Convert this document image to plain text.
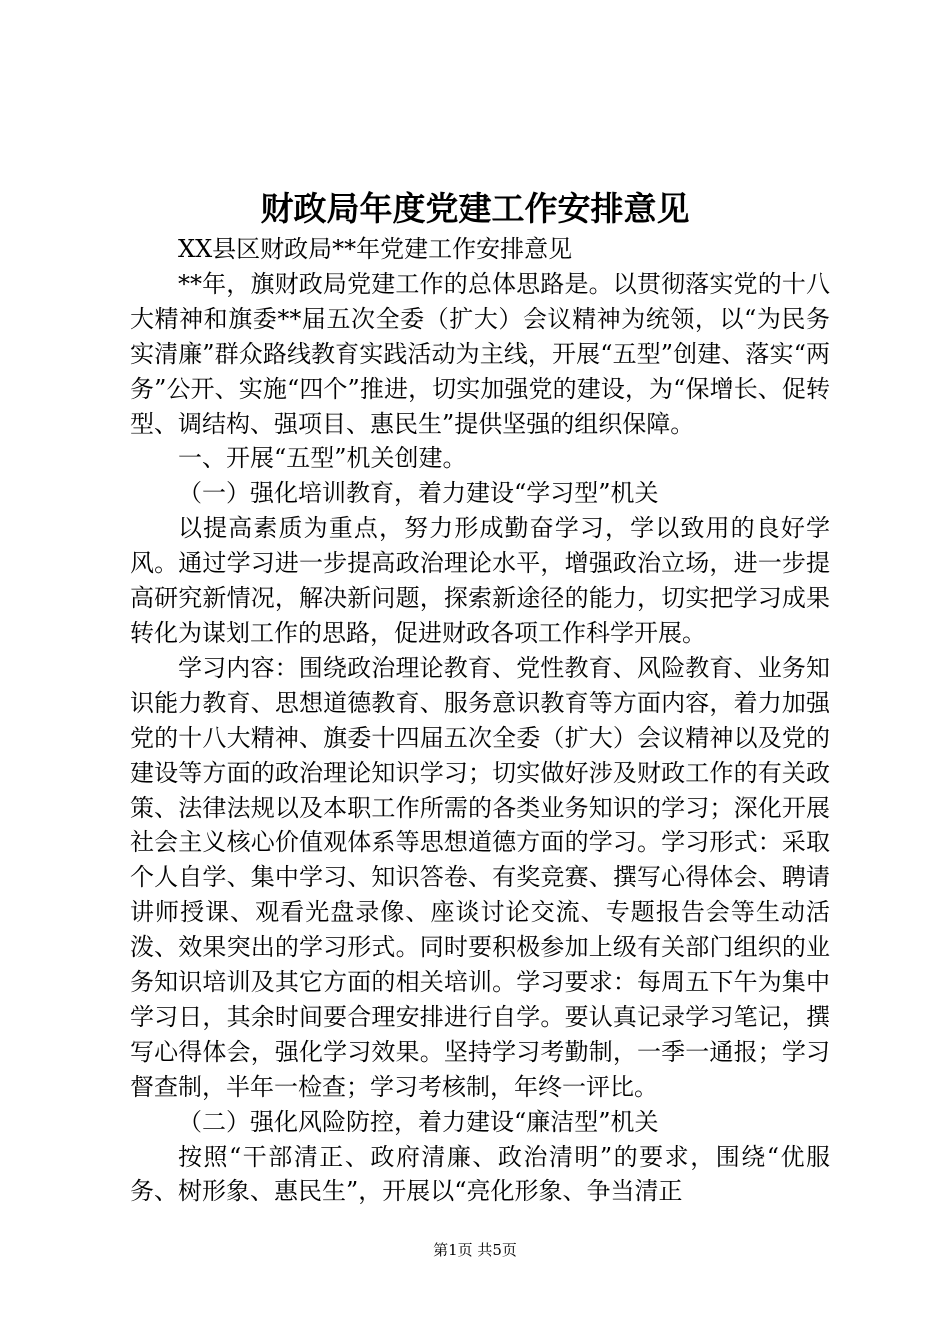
财政局年度党建工作安排意见

XX县区财政局**年党建工作安排意见

**年，旗财政局党建工作的总体思路是。以贯彻落实党的十八大精神和旗委**届五次全委（扩大）会议精神为统领，以“为民务实清廉”群众路线教育实践活动为主线，开展“五型”创建、落实“两务”公开、实施“四个”推进，切实加强党的建设，为“保增长、促转型、调结构、强项目、惠民生”提供坚强的组织保障。

一、开展“五型”机关创建。

（一）强化培训教育，着力建设“学习型”机关

以提高素质为重点，努力形成勤奋学习，学以致用的良好学风。通过学习进一步提高政治理论水平，增强政治立场，进一步提高研究新情况，解决新问题，探索新途径的能力，切实把学习成果转化为谋划工作的思路，促进财政各项工作科学开展。

学习内容：围绕政治理论教育、党性教育、风险教育、业务知识能力教育、思想道德教育、服务意识教育等方面内容，着力加强党的十八大精神、旗委十四届五次全委（扩大）会议精神以及党的建设等方面的政治理论知识学习；切实做好涉及财政工作的有关政策、法律法规以及本职工作所需的各类业务知识的学习；深化开展社会主义核心价值观体系等思想道德方面的学习。学习形式：采取个人自学、集中学习、知识答卷、有奖竞赛、撰写心得体会、聘请讲师授课、观看光盘录像、座谈讨论交流、专题报告会等生动活泼、效果突出的学习形式。同时要积极参加上级有关部门组织的业务知识培训及其它方面的相关培训。学习要求：每周五下午为集中学习日，其余时间要合理安排进行自学。要认真记录学习笔记，撰写心得体会，强化学习效果。坚持学习考勤制，一季一通报；学习督查制，半年一检查；学习考核制，年终一评比。

（二）强化风险防控，着力建设“廉洁型”机关

按照“干部清正、政府清廉、政治清明”的要求，围绕“优服务、树形象、惠民生”，开展以“亮化形象、争当清正

第1页 共5页
